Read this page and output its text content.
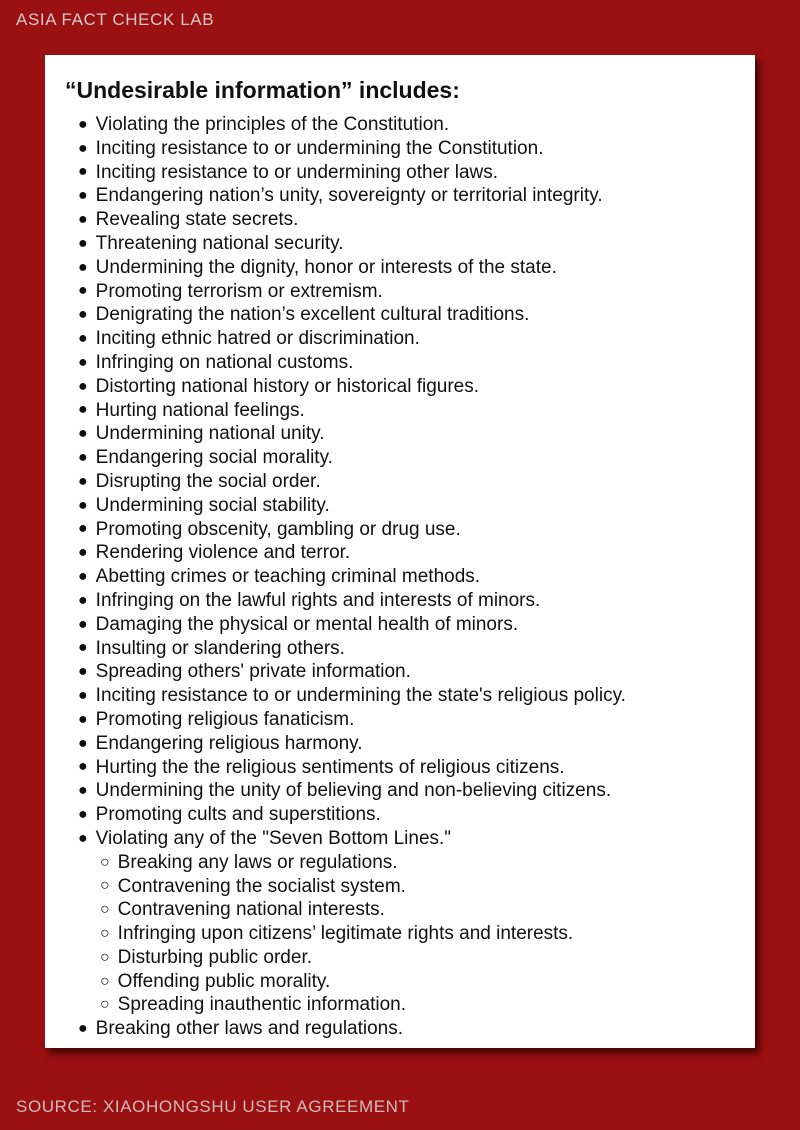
ASIA FACT CHECK LAB
“Undesirable information” includes:
● Violating the principles of the Constitution.
● Inciting resistance to or undermining the Constitution.
● Inciting resistance to or undermining other laws.
● Endangering nation’s unity, sovereignty or territorial integrity.
● Revealing state secrets.
● Threatening national security.
● Undermining the dignity, honor or interests of the state.
● Promoting terrorism or extremism.
● Denigrating the nation’s excellent cultural traditions.
● Inciting ethnic hatred or discrimination.
● Infringing on national customs.
● Distorting national history or historical figures.
● Hurting national feelings.
● Undermining national unity.
● Endangering social morality.
● Disrupting the social order.
● Undermining social stability.
● Promoting obscenity, gambling or drug use.
● Rendering violence and terror.
● Abetting crimes or teaching criminal methods.
● Infringing on the lawful rights and interests of minors.
● Damaging the physical or mental health of minors.
● Insulting or slandering others.
● Spreading others' private information.
● Inciting resistance to or undermining the state's religious policy.
● Promoting religious fanaticism.
● Endangering religious harmony.
● Hurting the the religious sentiments of religious citizens.
● Undermining the unity of believing and non-believing citizens.
● Promoting cults and superstitions.
● Violating any of the "Seven Bottom Lines."
○ Breaking any laws or regulations.
○ Contravening the socialist system.
○ Contravening national interests.
○ Infringing upon citizens’ legitimate rights and interests.
○ Disturbing public order.
○ Offending public morality.
○ Spreading inauthentic information.
● Breaking other laws and regulations.
SOURCE: XIAOHONGSHU USER AGREEMENT
